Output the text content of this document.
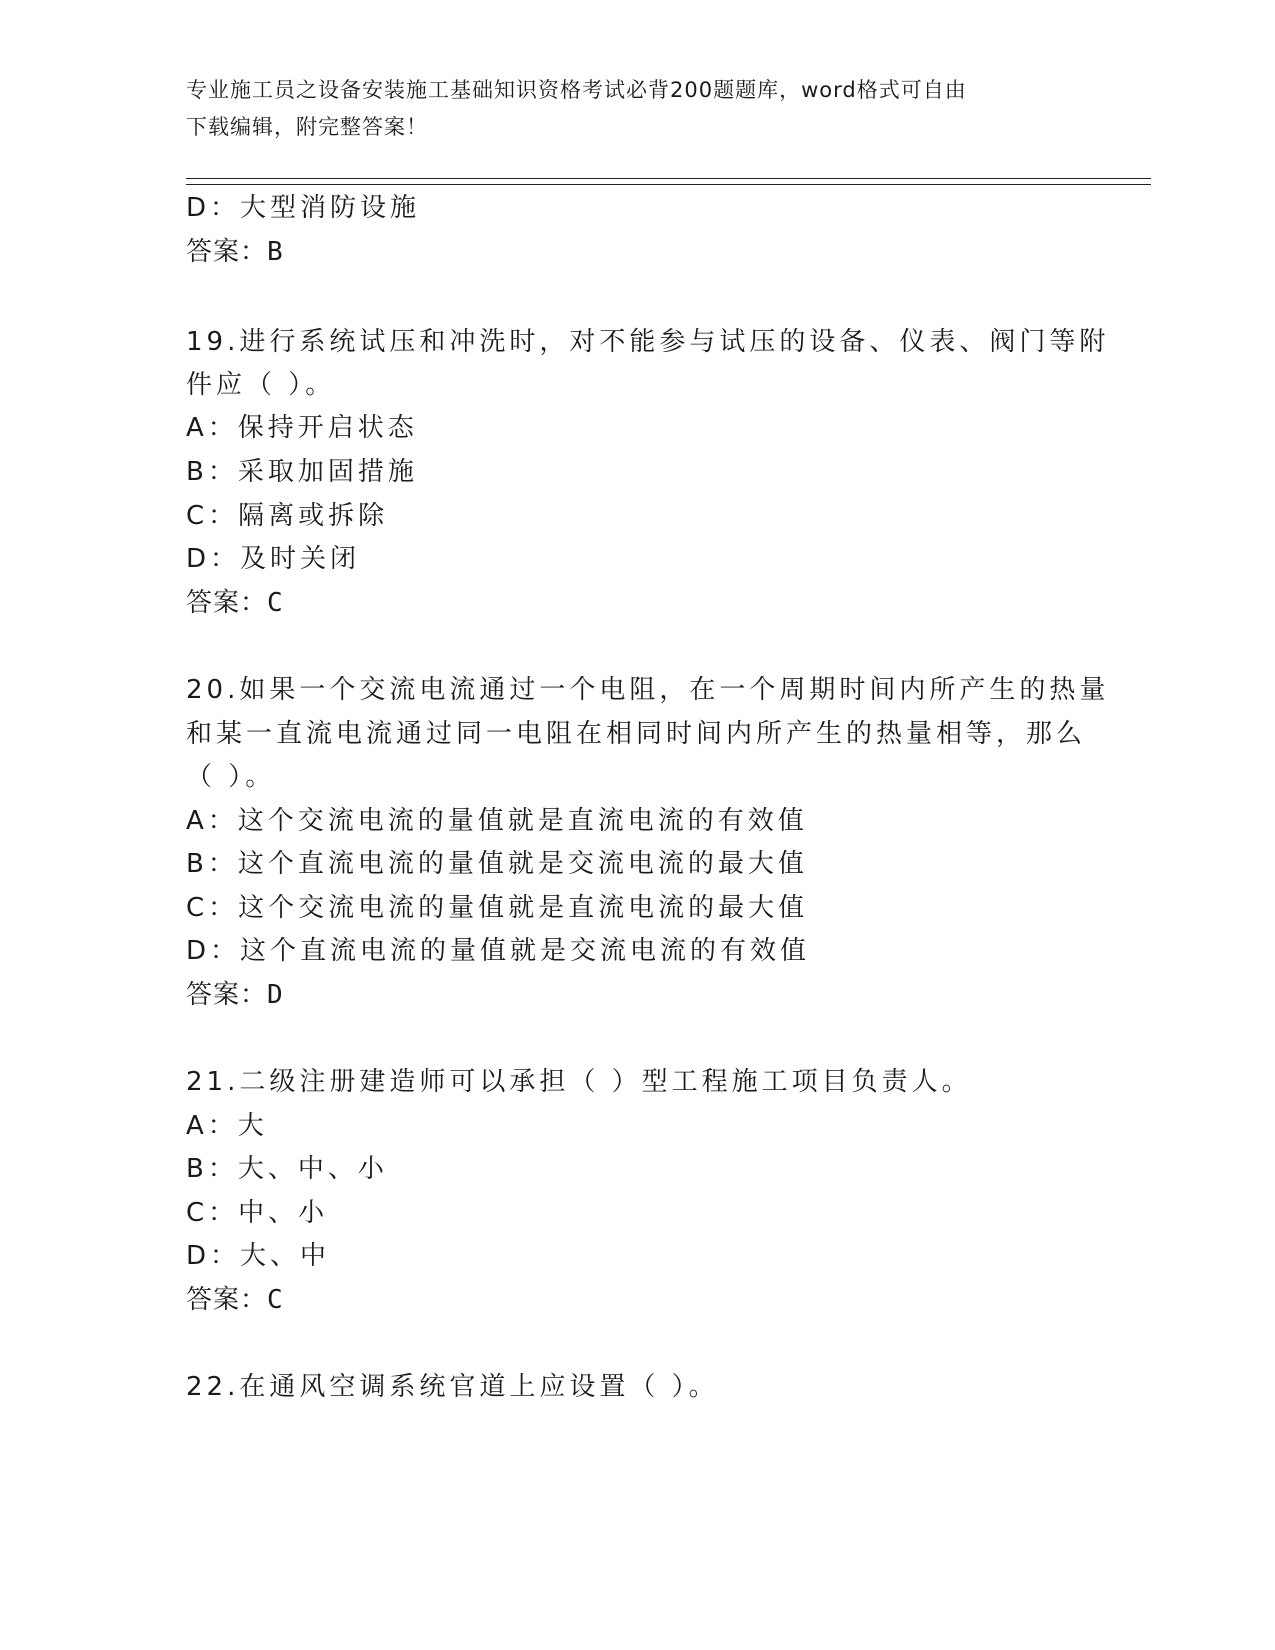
专业施工员之设备安装施工基础知识资格考试必背200题题库，word格式可自由
下载编辑，附完整答案！
D：大型消防设施
答案：B
19.进行系统试压和冲洗时，对不能参与试压的设备、仪表、阀门等附
件应（ ）。
A：保持开启状态
B：采取加固措施
C：隔离或拆除
D：及时关闭
答案：C
20.如果一个交流电流通过一个电阻，在一个周期时间内所产生的热量
和某一直流电流通过同一电阻在相同时间内所产生的热量相等，那么
（ ）。
A：这个交流电流的量值就是直流电流的有效值
B：这个直流电流的量值就是交流电流的最大值
C：这个交流电流的量值就是直流电流的最大值
D：这个直流电流的量值就是交流电流的有效值
答案：D
21.二级注册建造师可以承担（ ）型工程施工项目负责人。
A：大
B：大、中、小
C：中、小
D：大、中
答案：C
22.在通风空调系统官道上应设置（ ）。
